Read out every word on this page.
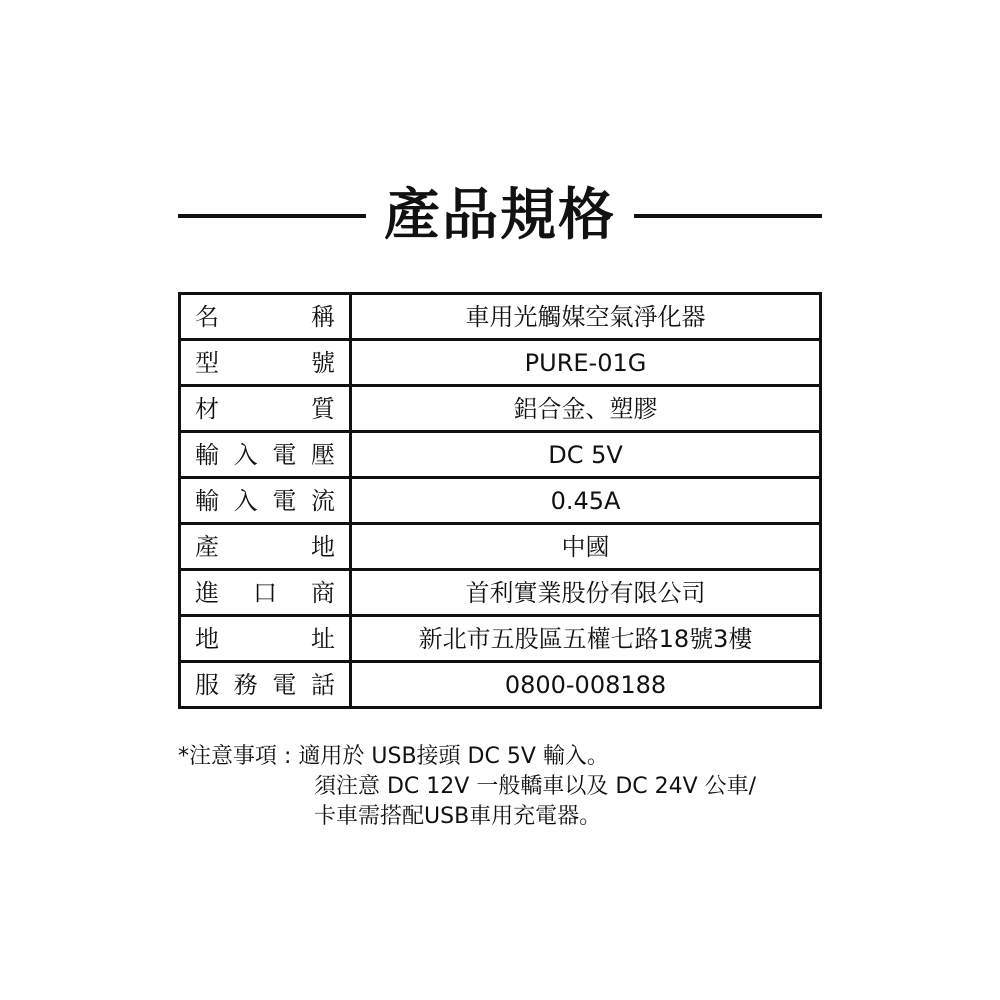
產品規格
名　稱	車用光觸媒空氣淨化器
型　號	PURE-01G
材　質	鋁合金、塑膠
輸入電壓	DC 5V
輸入電流	0.45A
產　地	中國
進口商	首利實業股份有限公司
地　址	新北市五股區五權七路18號3樓
服務電話	0800-008188
*注意事項 : 適用於 USB接頭 DC 5V 輸入。
須注意 DC 12V 一般轎車以及 DC 24V 公車/
卡車需搭配USB車用充電器。
